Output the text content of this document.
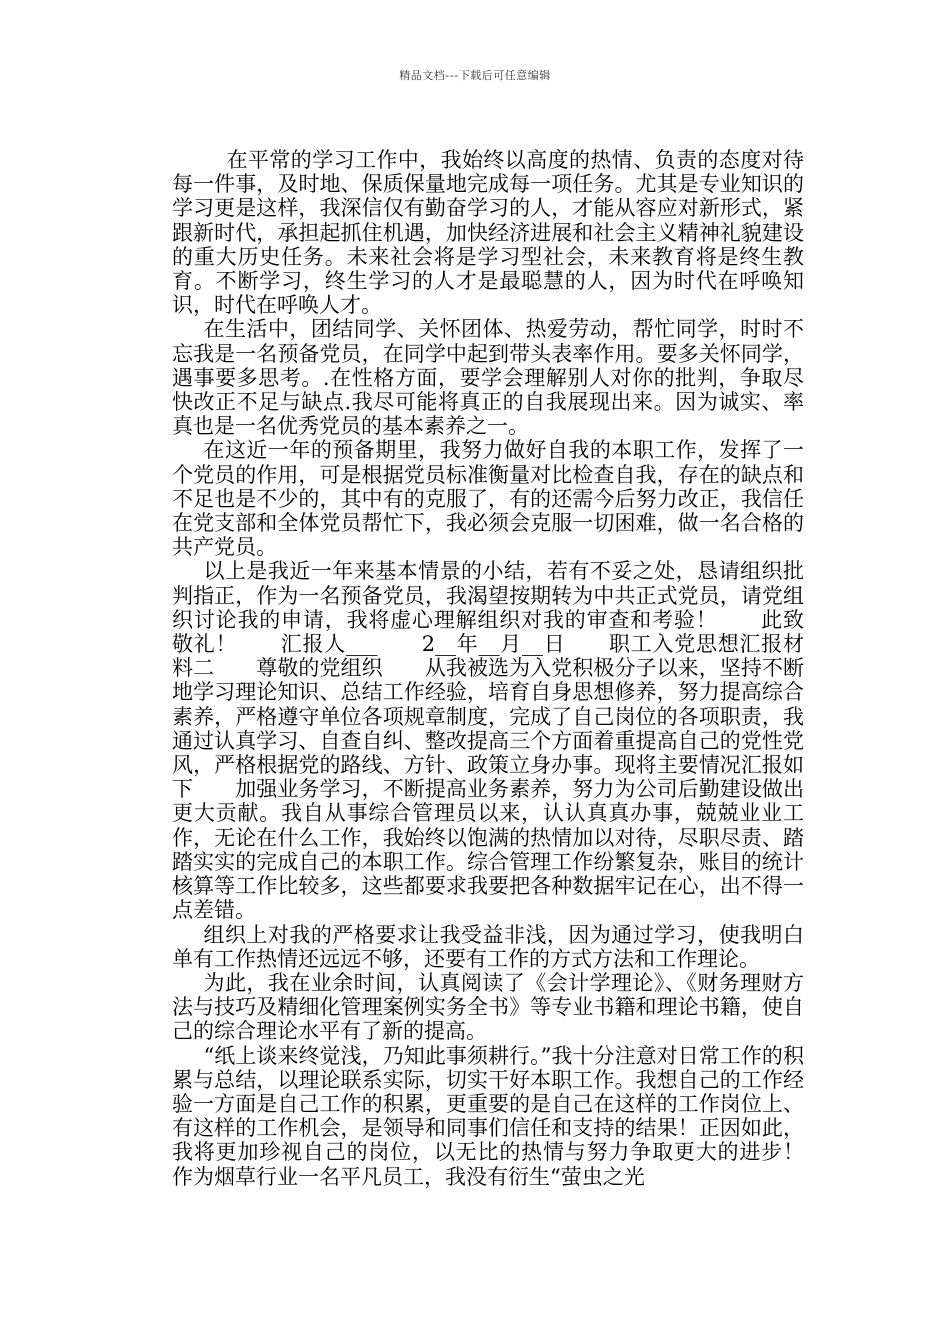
精品文档---下载后可任意编辑

在平常的学习工作中，我始终以高度的热情、负责的态度对待每一件事，及时地、保质保量地完成每一项任务。尤其是专业知识的学习更是这样，我深信仅有勤奋学习的人，才能从容应对新形式，紧跟新时代，承担起抓住机遇，加快经济进展和社会主义精神礼貌建设的重大历史任务。未来社会将是学习型社会，未来教育将是终生教育。不断学习，终生学习的人才是最聪慧的人，因为时代在呼唤知识，时代在呼唤人才。

在生活中，团结同学、关怀团体、热爱劳动，帮忙同学，时时不忘我是一名预备党员，在同学中起到带头表率作用。要多关怀同学，遇事要多思考。.在性格方面，要学会理解别人对你的批判，争取尽快改正不足与缺点.我尽可能将真正的自我展现出来。因为诚实、率真也是一名优秀党员的基本素养之一。

在这近一年的预备期里，我努力做好自我的本职工作，发挥了一个党员的作用，可是根据党员标准衡量对比检查自我，存在的缺点和不足也是不少的，其中有的克服了，有的还需今后努力改正，我信任在党支部和全体党员帮忙下，我必须会克服一切困难，做一名合格的共产党员。

以上是我近一年来基本情景的小结，若有不妥之处，恳请组织批判指正，作为一名预备党员，我渴望按期转为中共正式党员，请党组织讨论我的申请，我将虚心理解组织对我的审查和考验！　　此致　　敬礼！　　汇报人___　　2__年__月__日　　职工入党思想汇报材料二　　尊敬的党组织　　从我被选为入党积极分子以来，坚持不断地学习理论知识、总结工作经验，培育自身思想修养，努力提高综合素养，严格遵守单位各项规章制度，完成了自己岗位的各项职责，我通过认真学习、自查自纠、整改提高三个方面着重提高自己的党性党风，严格根据党的路线、方针、政策立身办事。现将主要情况汇报如下　　加强业务学习，不断提高业务素养，努力为公司后勤建设做出更大贡献。我自从事综合管理员以来，认认真真办事，兢兢业业工作，无论在什么工作，我始终以饱满的热情加以对待，尽职尽责、踏踏实实的完成自己的本职工作。综合管理工作纷繁复杂，账目的统计核算等工作比较多，这些都要求我要把各种数据牢记在心，出不得一点差错。

组织上对我的严格要求让我受益非浅，因为通过学习，使我明白单有工作热情还远远不够，还要有工作的方式方法和工作理论。

为此，我在业余时间，认真阅读了《会计学理论》、《财务理财方法与技巧及精细化管理案例实务全书》等专业书籍和理论书籍，使自己的综合理论水平有了新的提高。

“纸上谈来终觉浅，乃知此事须耕行。”我十分注意对日常工作的积累与总结，以理论联系实际，切实干好本职工作。我想自己的工作经验一方面是自己工作的积累，更重要的是自己在这样的工作岗位上、有这样的工作机会，是领导和同事们信任和支持的结果！正因如此，我将更加珍视自己的岗位，以无比的热情与努力争取更大的进步！　　作为烟草行业一名平凡员工，我没有衍生“萤虫之光
